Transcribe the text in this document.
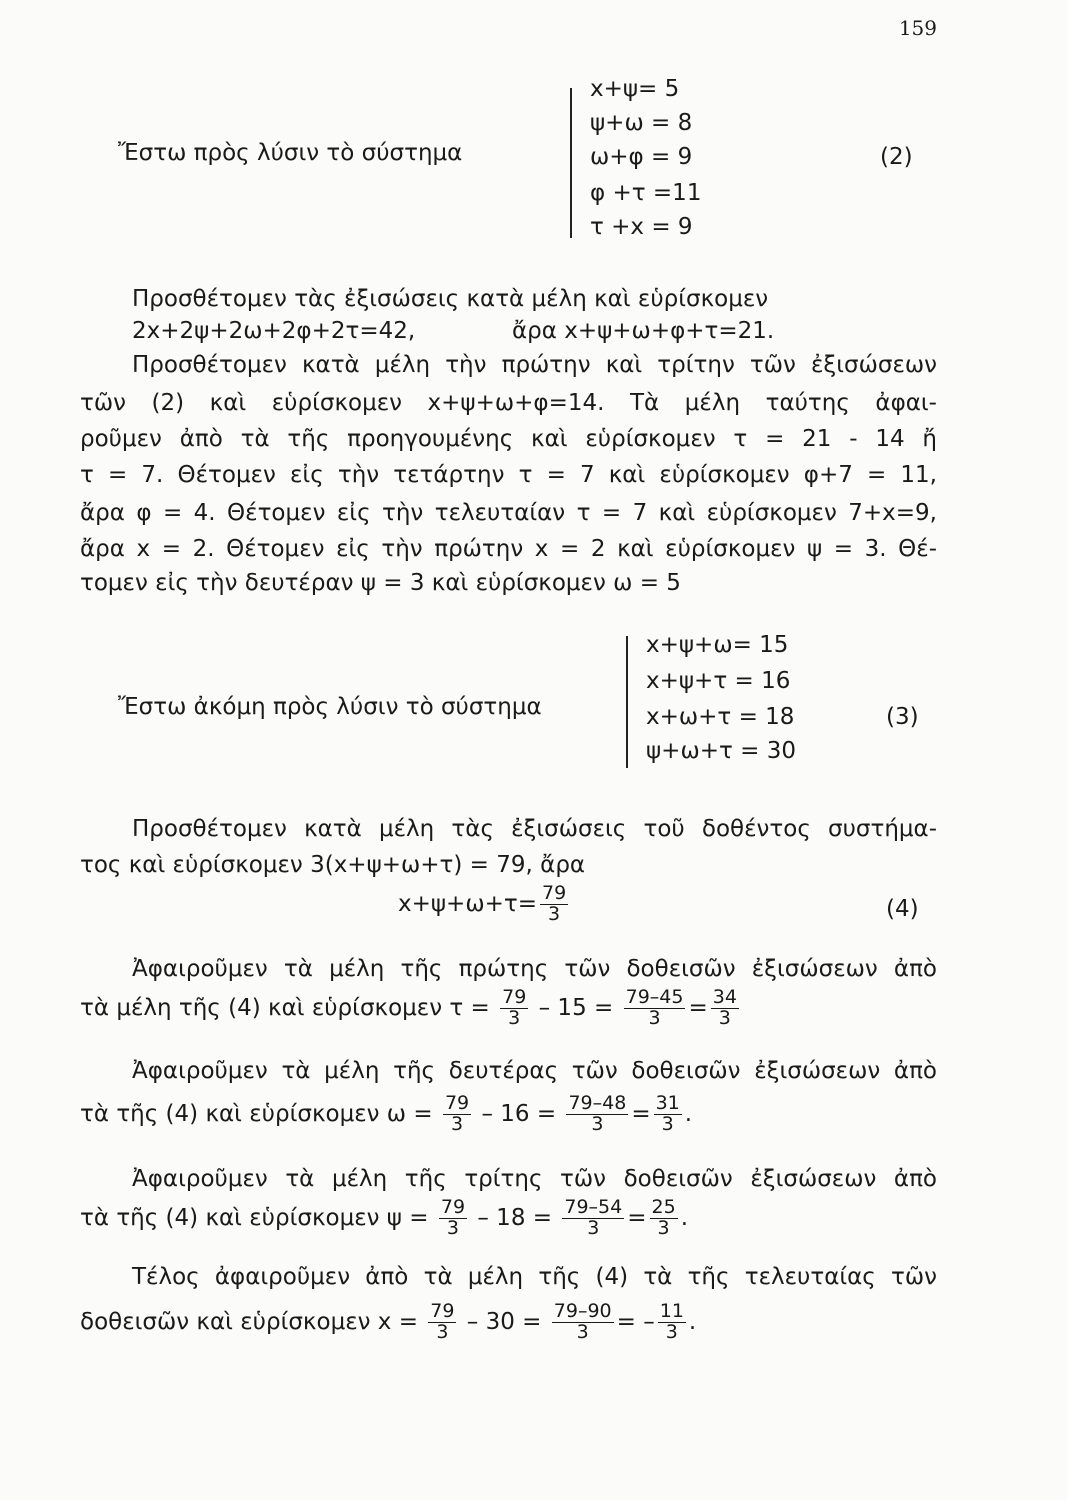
159
Ἔστω πρὸς λύσιν τὸ σύστημα
x+ψ= 5
ψ+ω = 8
ω+φ = 9
φ +τ =11
τ +x = 9
(2)
Προσθέτομεν τὰς ἐξισώσεις κατὰ μέλη καὶ εὑρίσκομεν
2x+2ψ+2ω+2φ+2τ=42,	ἄρα x+ψ+ω+φ+τ=21.
Προσθέτομεν κατὰ μέλη τὴν πρώτην καὶ τρίτην τῶν ἐξισώσεων
τῶν (2) καὶ εὑρίσκομεν x+ψ+ω+φ=14. Τὰ μέλη ταύτης ἀφαι-
ροῦμεν ἀπὸ τὰ τῆς προηγουμένης καὶ εὑρίσκομεν τ = 21 - 14 ἤ
τ = 7. Θέτομεν εἰς τὴν τετάρτην τ = 7 καὶ εὑρίσκομεν φ+7 = 11,
ἄρα φ = 4. Θέτομεν εἰς τὴν τελευταίαν τ = 7 καὶ εὑρίσκομεν 7+x=9,
ἄρα x = 2. Θέτομεν εἰς τὴν πρώτην x = 2 καὶ εὑρίσκομεν ψ = 3. Θέ-
τομεν εἰς τὴν δευτέραν ψ = 3 καὶ εὑρίσκομεν ω = 5
Ἔστω ἀκόμη πρὸς λύσιν τὸ σύστημα
x+ψ+ω= 15
x+ψ+τ = 16
x+ω+τ = 18
ψ+ω+τ = 30
(3)
Προσθέτομεν κατὰ μέλη τὰς ἐξισώσεις τοῦ δοθέντος συστήμα-
τος καὶ εὑρίσκομεν 3(x+ψ+ω+τ) = 79, ἄρα
$x+\psi+\omega+\tau= \frac{79}{3}$	(4)
Ἀφαιροῦμεν τὰ μέλη τῆς πρώτης τῶν δοθεισῶν ἐξισώσεων ἀπὸ
τὰ μέλη τῆς (4) καὶ εὑρίσκομεν $\tau = \frac{79}{3} - 15 = \frac{79-45}{3} = \frac{34}{3}$
Ἀφαιροῦμεν τὰ μέλη τῆς δευτέρας τῶν δοθεισῶν ἐξισώσεων ἀπὸ
τὰ τῆς (4) καὶ εὑρίσκομεν $\omega = \frac{79}{3} - 16 = \frac{79-48}{3} = \frac{31}{3}$ .
Ἀφαιροῦμεν τὰ μέλη τῆς τρίτης τῶν δοθεισῶν ἐξισώσεων ἀπὸ
τὰ τῆς (4) καὶ εὑρίσκομεν $\psi = \frac{79}{3} - 18 = \frac{79-54}{3} = \frac{25}{3}$ .
Τέλος ἀφαιροῦμεν ἀπὸ τὰ μέλη τῆς (4) τὰ τῆς τελευταίας τῶν
δοθεισῶν καὶ εὑρίσκομεν $x = \frac{79}{3} - 30 = \frac{79-90}{3}$ = – $\frac{11}{3}$ .
